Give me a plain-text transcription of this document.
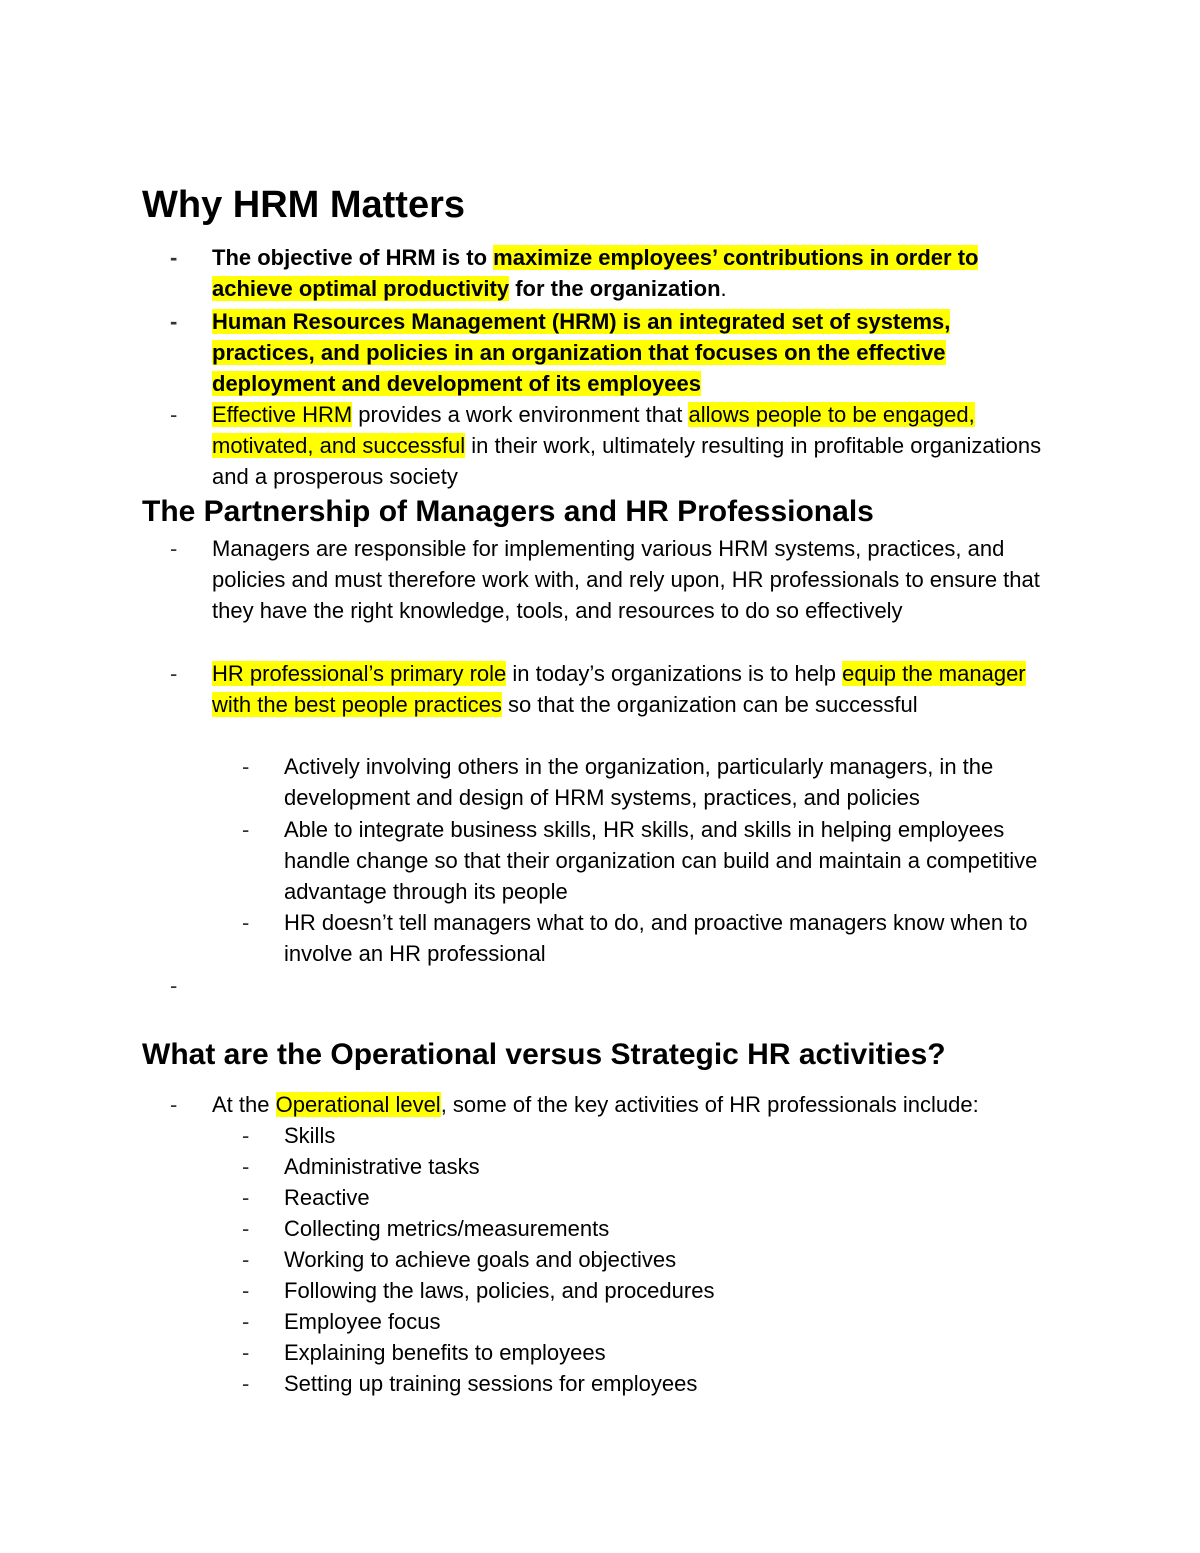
Why HRM Matters
- The objective of HRM is to maximize employees’ contributions in order to achieve optimal productivity for the organization.
- Human Resources Management (HRM) is an integrated set of systems, practices, and policies in an organization that focuses on the effective deployment and development of its employees
- Effective HRM provides a work environment that allows people to be engaged, motivated, and successful in their work, ultimately resulting in profitable organizations and a prosperous society
The Partnership of Managers and HR Professionals
- Managers are responsible for implementing various HRM systems, practices, and policies and must therefore work with, and rely upon, HR professionals to ensure that they have the right knowledge, tools, and resources to do so effectively
- HR professional’s primary role in today’s organizations is to help equip the manager with the best people practices so that the organization can be successful
- Actively involving others in the organization, particularly managers, in the development and design of HRM systems, practices, and policies
- Able to integrate business skills, HR skills, and skills in helping employees handle change so that their organization can build and maintain a competitive advantage through its people
- HR doesn’t tell managers what to do, and proactive managers know when to involve an HR professional
-
What are the Operational versus Strategic HR activities?
- At the Operational level, some of the key activities of HR professionals include:
- Skills
- Administrative tasks
- Reactive
- Collecting metrics/measurements
- Working to achieve goals and objectives
- Following the laws, policies, and procedures
- Employee focus
- Explaining benefits to employees
- Setting up training sessions for employees
